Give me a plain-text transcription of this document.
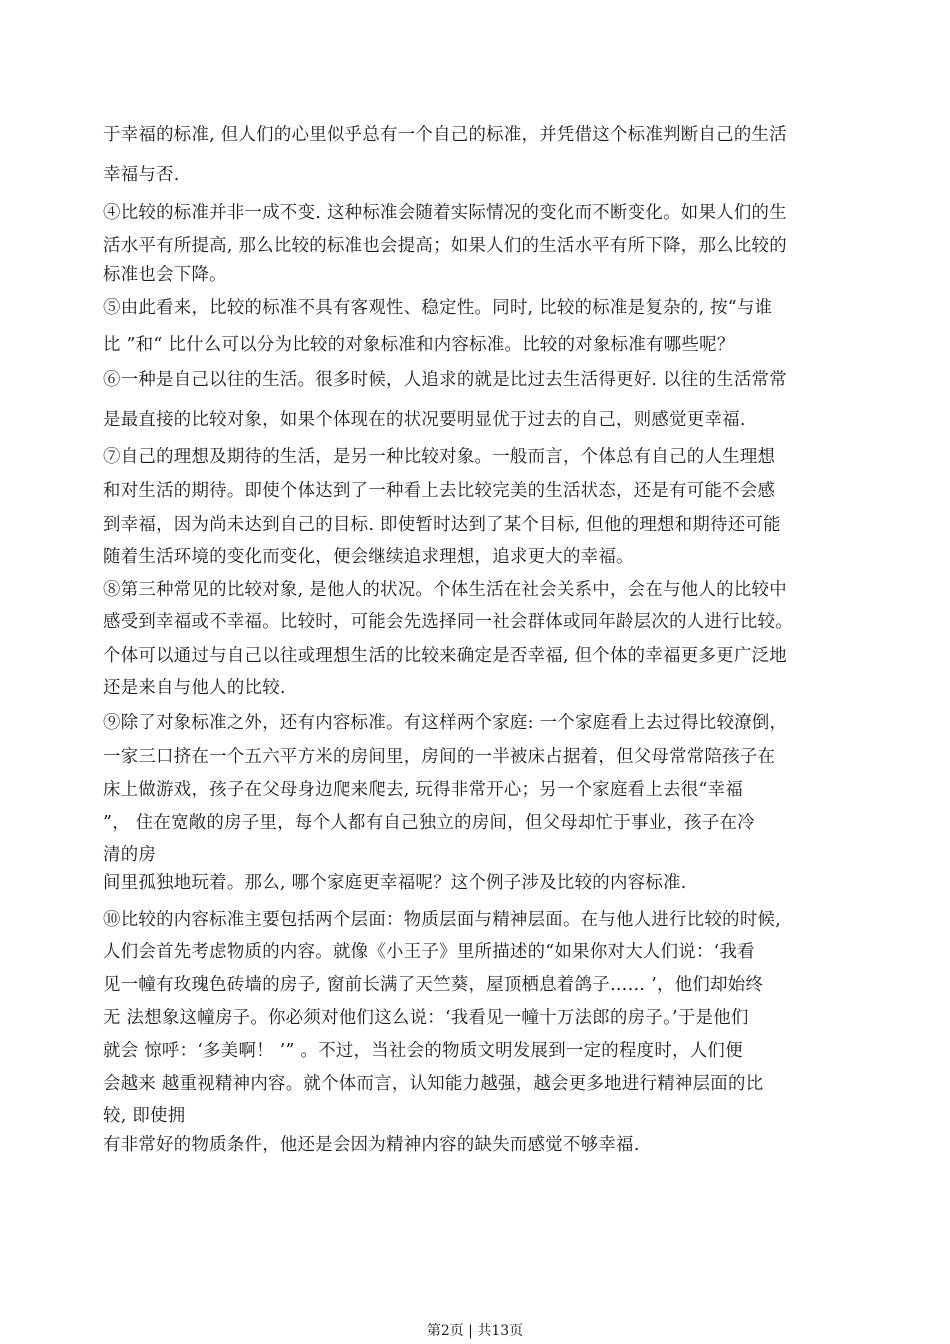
于幸福的标准, 但人们的心里似乎总有一个自己的标准，并凭借这个标准判断自己的生活
幸福与否.
④比较的标准并非一成不变. 这种标准会随着实际情况的变化而不断变化。如果人们的生
活水平有所提高, 那么比较的标准也会提高；如果人们的生活水平有所下降，那么比较的
标准也会下降。
⑤由此看来，比较的标准不具有客观性、稳定性。同时, 比较的标准是复杂的, 按“与谁
比 ”和“ 比什么可以分为比较的对象标准和内容标准。比较的对象标准有哪些呢？
⑥一种是自己以往的生活。很多时候，人追求的就是比过去生活得更好. 以往的生活常常
是最直接的比较对象，如果个体现在的状况要明显优于过去的自己，则感觉更幸福.
⑦自己的理想及期待的生活，是另一种比较对象。一般而言，个体总有自己的人生理想
和对生活的期待。即使个体达到了一种看上去比较完美的生活状态，还是有可能不会感
到幸福，因为尚未达到自己的目标. 即使暂时达到了某个目标, 但他的理想和期待还可能
随着生活环境的变化而变化，便会继续追求理想，追求更大的幸福。
⑧第三种常见的比较对象, 是他人的状况。个体生活在社会关系中，会在与他人的比较中
感受到幸福或不幸福。比较时，可能会先选择同一社会群体或同年龄层次的人进行比较。
个体可以通过与自己以往或理想生活的比较来确定是否幸福, 但个体的幸福更多更广泛地
还是来自与他人的比较.
⑨除了对象标准之外，还有内容标准。有这样两个家庭: 一个家庭看上去过得比较潦倒，
一家三口挤在一个五六平方米的房间里，房间的一半被床占据着，但父母常常陪孩子在
床上做游戏，孩子在父母身边爬来爬去, 玩得非常开心；另一个家庭看上去很“幸福
”， 住在宽敞的房子里，每个人都有自己独立的房间，但父母却忙于事业，孩子在冷
清的房
间里孤独地玩着。那么, 哪个家庭更幸福呢？这个例子涉及比较的内容标准.
⑩比较的内容标准主要包括两个层面：物质层面与精神层面。在与他人进行比较的时候,
人们会首先考虑物质的内容。就像《小王子》里所描述的“如果你对大人们说：‘我看
见一幢有玫瑰色砖墙的房子, 窗前长满了天竺葵，屋顶栖息着鸽子…… ’，他们却始终
无 法想象这幢房子。你必须对他们这么说：‘我看见一幢十万法郎的房子。’于是他们
就会 惊呼：‘多美啊！ ’” 。不过，当社会的物质文明发展到一定的程度时，人们便
会越来 越重视精神内容。就个体而言，认知能力越强，越会更多地进行精神层面的比
较, 即使拥
有非常好的物质条件，他还是会因为精神内容的缺失而感觉不够幸福.
第2页 | 共13页
